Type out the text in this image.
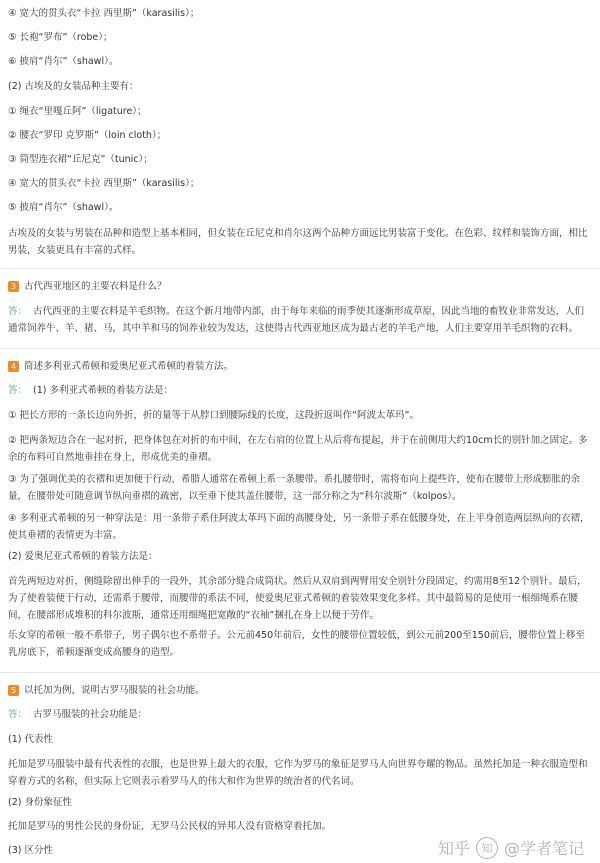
④ 宽大的贯头衣“卡拉 西里斯”（karasilis）；
⑤ 长袍“罗布”（robe）；
⑥ 披肩“肖尔”（shawl）。
(2) 古埃及的女装品种主要有：
① 绳衣“里嘎丘阿”（ligature）；
② 腰衣“罗印 克罗斯”（loin cloth）；
③ 筒型连衣裙“丘尼克”（tunic）；
④ 宽大的贯头衣“卡拉 西里斯”（karasilis）；
⑤ 披肩“肖尔”（shawl）。
古埃及的女装与男装在品种和造型上基本相同，但女装在丘尼克和肖尔这两个品种方面远比男装富于变化。在色彩、纹样和装饰方面，相比男装，女装更具有丰富的式样。
3 古代西亚地区的主要衣料是什么？
答： 古代西亚的主要衣料是羊毛织物。在这个新月地带内部，由于每年来临的雨季使其逐渐形成草原，因此当地的畜牧业非常发达，人们通常饲养牛、羊、猪、马，其中羊和马的饲养业较为发达，这使得古代西亚地区成为最古老的羊毛产地，人们主要穿用羊毛织物的衣料。
4 简述多利亚式希顿和爱奥尼亚式希顿的着装方法。
答： (1) 多利亚式希顿的着装方法是：
① 把长方形的一条长边向外折，折的量等于从脖口到腰际线的长度，这段折返叫作“阿波太革玛”。
② 把两条短边合在一起对折，把身体包在对折的布中间，在左右肩的位置上从后将布提起，并于在前侧用大约10cm长的别针加之固定。多余的布料可自然地垂挂在身上，形成优美的垂褶。
③ 为了强调优美的衣褶和更加便于行动，希腊人通常在希顿上系一条腰带。系扎腰带时，需将布向上提些许，使布在腰带上形成膨胀的余量，在腰带处可随意调节纵向垂褶的疏密，以至垂下使其盖住腰带，这一部分称之为“科尔波斯”（kolpos）。
④ 多利亚式希顿的另一种穿法是：用一条带子系住阿波太革玛下面的高腰身处，另一条带子系在低腰身处，在上半身创造两层纵向的衣褶，使其垂褶的表情更为丰富。
(2) 爱奥尼亚式希顿的着装方法是：
首先两短边对折，侧缝除留出伸手的一段外，其余部分缝合成筒状。然后从双肩到两臂用安全别针分段固定，约需用8至12个别针。最后，为了使着装便于行动，还需系于腰带，而腰带的系法不同，使爱奥尼亚式希顿的着装效果变化多样。其中最简易的是使用一根细绳系在腰间，在腰部形成堆积的科尔波斯，通常还用细绳把宽敞的“衣袖”捆扎在身上以便于劳作。
乐女穿的希顿一般不系带子，男子偶尔也不系带子。公元前450年前后，女性的腰带位置较低，到公元前200至150前后，腰带位置上移至乳房底下，希顿逐渐变成高腰身的造型。
5 以托加为例，说明古罗马服装的社会功能。
答： 古罗马服装的社会功能是：
(1) 代表性
托加是罗马服装中最有代表性的衣服，也是世界上最大的衣服，它作为罗马的象征是罗马人向世界夸耀的物品。虽然托加是一种衣服造型和穿着方式的名称，但实际上它则表示着罗马人的伟大和作为世界的统治者的代名词。
(2) 身份象征性
托加是罗马的男性公民的身份证，无罗马公民权的异邦人没有资格穿着托加。
(3) 区分性	知乎 知 @学者笔记
